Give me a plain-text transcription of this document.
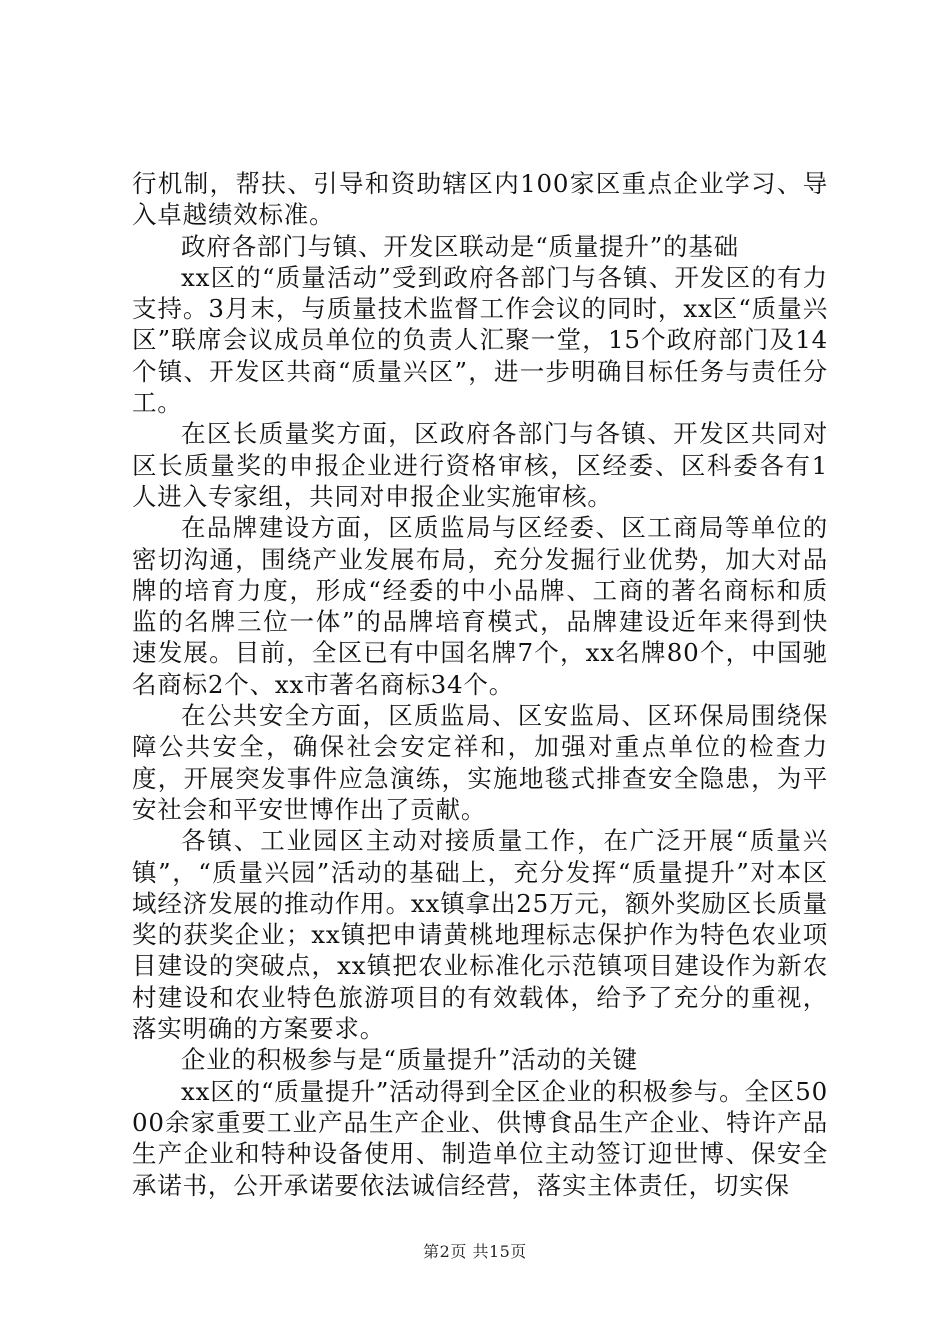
行机制，帮扶、引导和资助辖区内100家区重点企业学习、导入卓越绩效标准。

政府各部门与镇、开发区联动是“质量提升”的基础

xx区的“质量活动”受到政府各部门与各镇、开发区的有力支持。3月末，与质量技术监督工作会议的同时，xx区“质量兴区”联席会议成员单位的负责人汇聚一堂，15个政府部门及14个镇、开发区共商“质量兴区”，进一步明确目标任务与责任分工。

在区长质量奖方面，区政府各部门与各镇、开发区共同对区长质量奖的申报企业进行资格审核，区经委、区科委各有1人进入专家组，共同对申报企业实施审核。

在品牌建设方面，区质监局与区经委、区工商局等单位的密切沟通，围绕产业发展布局，充分发掘行业优势，加大对品牌的培育力度，形成“经委的中小品牌、工商的著名商标和质监的名牌三位一体”的品牌培育模式，品牌建设近年来得到快速发展。目前，全区已有中国名牌7个，xx名牌80个，中国驰名商标2个、xx市著名商标34个。

在公共安全方面，区质监局、区安监局、区环保局围绕保障公共安全，确保社会安定祥和，加强对重点单位的检查力度，开展突发事件应急演练，实施地毯式排查安全隐患，为平安社会和平安世博作出了贡献。

各镇、工业园区主动对接质量工作，在广泛开展“质量兴镇”，“质量兴园”活动的基础上，充分发挥“质量提升”对本区域经济发展的推动作用。xx镇拿出25万元，额外奖励区长质量奖的获奖企业；xx镇把申请黄桃地理标志保护作为特色农业项目建设的突破点，xx镇把农业标准化示范镇项目建设作为新农村建设和农业特色旅游项目的有效载体，给予了充分的重视，落实明确的方案要求。

企业的积极参与是“质量提升”活动的关键

xx区的“质量提升”活动得到全区企业的积极参与。全区5000余家重要工业产品生产企业、供博食品生产企业、特许产品生产企业和特种设备使用、制造单位主动签订迎世博、保安全承诺书，公开承诺要依法诚信经营，落实主体责任，切实保

第2页 共15页
